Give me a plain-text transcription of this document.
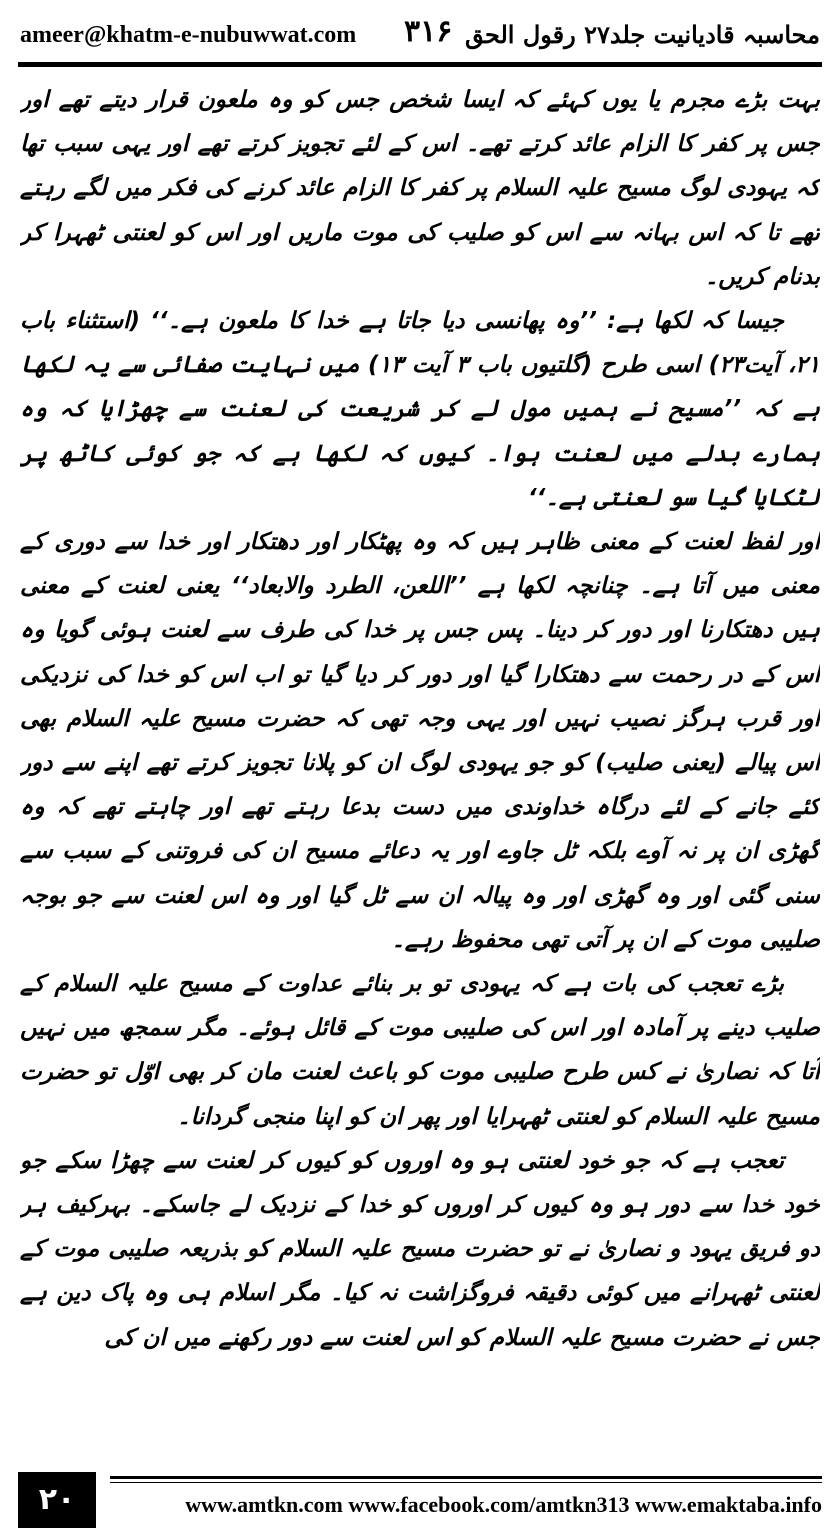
ameer@khatm-e-nubuwwat.com ۳۱۶ محاسبہ قادیانیت جلد۲۷ رقول الحق

بہت بڑے مجرم یا یوں کہئے کہ ایسا شخص جس کو وہ ملعون قرار دیتے تھے اور جس پر کفر کا الزام عائد کرتے تھے۔ اس کے لئے تجویز کرتے تھے اور یہی سبب تھا کہ یہودی لوگ مسیح علیہ السلام پر کفر کا الزام عائد کرنے کی فکر میں لگے رہتے تھے تا کہ اس بہانہ سے اس کو صلیب کی موت ماریں اور اس کو لعنتی ٹھہرا کر بدنام کریں۔

جیسا کہ لکھا ہے: ’’وہ پھانسی دیا جاتا ہے خدا کا ملعون ہے۔‘‘ (استثناء باب ۲۱، آیت۲۳) اسی طرح (گلتیوں باب ۳ آیت ۱۳) میں نہایت صفائی سے یہ لکھا ہے کہ ’’مسیح نے ہمیں مول لے کر شریعت کی لعنت سے چھڑایا کہ وہ ہمارے بدلے میں لعنت ہوا۔ کیوں کہ لکھا ہے کہ جو کوئی کاٹھ پر لٹکایا گیا سو لعنتی ہے۔‘‘

اور لفظ لعنت کے معنی ظاہر ہیں کہ وہ پھٹکار اور دھتکار اور خدا سے دوری کے معنی میں آتا ہے۔ چنانچہ لکھا ہے ’’اللعن، الطرد والابعاد‘‘ یعنی لعنت کے معنی ہیں دھتکارنا اور دور کر دینا۔ پس جس پر خدا کی طرف سے لعنت ہوئی گویا وہ اس کے در رحمت سے دھتکارا گیا اور دور کر دیا گیا تو اب اس کو خدا کی نزدیکی اور قرب ہرگز نصیب نہیں اور یہی وجہ تھی کہ حضرت مسیح علیہ السلام بھی اس پیالے (یعنی صلیب) کو جو یہودی لوگ ان کو پلانا تجویز کرتے تھے اپنے سے دور کئے جانے کے لئے درگاہ خداوندی میں دست بدعا رہتے تھے اور چاہتے تھے کہ وہ گھڑی ان پر نہ آوے بلکہ ٹل جاوے اور یہ دعائے مسیح ان کی فروتنی کے سبب سے سنی گئی اور وہ گھڑی اور وہ پیالہ ان سے ٹل گیا اور وہ اس لعنت سے جو بوجہ صلیبی موت کے ان پر آتی تھی محفوظ رہے۔

بڑے تعجب کی بات ہے کہ یہودی تو بر بنائے عداوت کے مسیح علیہ السلام کے صلیب دینے پر آمادہ اور اس کی صلیبی موت کے قائل ہوئے۔ مگر سمجھ میں نہیں آتا کہ نصاریٰ نے کس طرح صلیبی موت کو باعث لعنت مان کر بھی اوّل تو حضرت مسیح علیہ السلام کو لعنتی ٹھہرایا اور پھر ان کو اپنا منجی گردانا۔

تعجب ہے کہ جو خود لعنتی ہو وہ اوروں کو کیوں کر لعنت سے چھڑا سکے جو خود خدا سے دور ہو وہ کیوں کر اوروں کو خدا کے نزدیک لے جاسکے۔ بہرکیف ہر دو فریق یہود و نصاریٰ نے تو حضرت مسیح علیہ السلام کو بذریعہ صلیبی موت کے لعنتی ٹھہرانے میں کوئی دقیقہ فروگزاشت نہ کیا۔ مگر اسلام ہی وہ پاک دین ہے جس نے حضرت مسیح علیہ السلام کو اس لعنت سے دور رکھنے میں ان کی

۲۰	www.amtkn.com www.facebook.com/amtkn313 www.emaktaba.info
